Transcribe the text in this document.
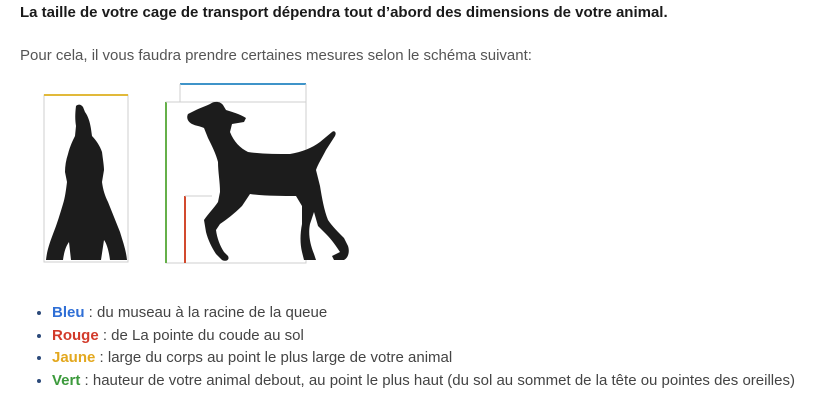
La taille de votre cage de transport dépendra tout d’abord des dimensions de votre animal.
Pour cela, il vous faudra prendre certaines mesures selon le schéma suivant:
• Bleu : du museau à la racine de la queue
• Rouge : de La pointe du coude au sol
• Jaune : large du corps au point le plus large de votre animal
• Vert : hauteur de votre animal debout, au point le plus haut (du sol au sommet de la tête ou pointes des oreilles)
